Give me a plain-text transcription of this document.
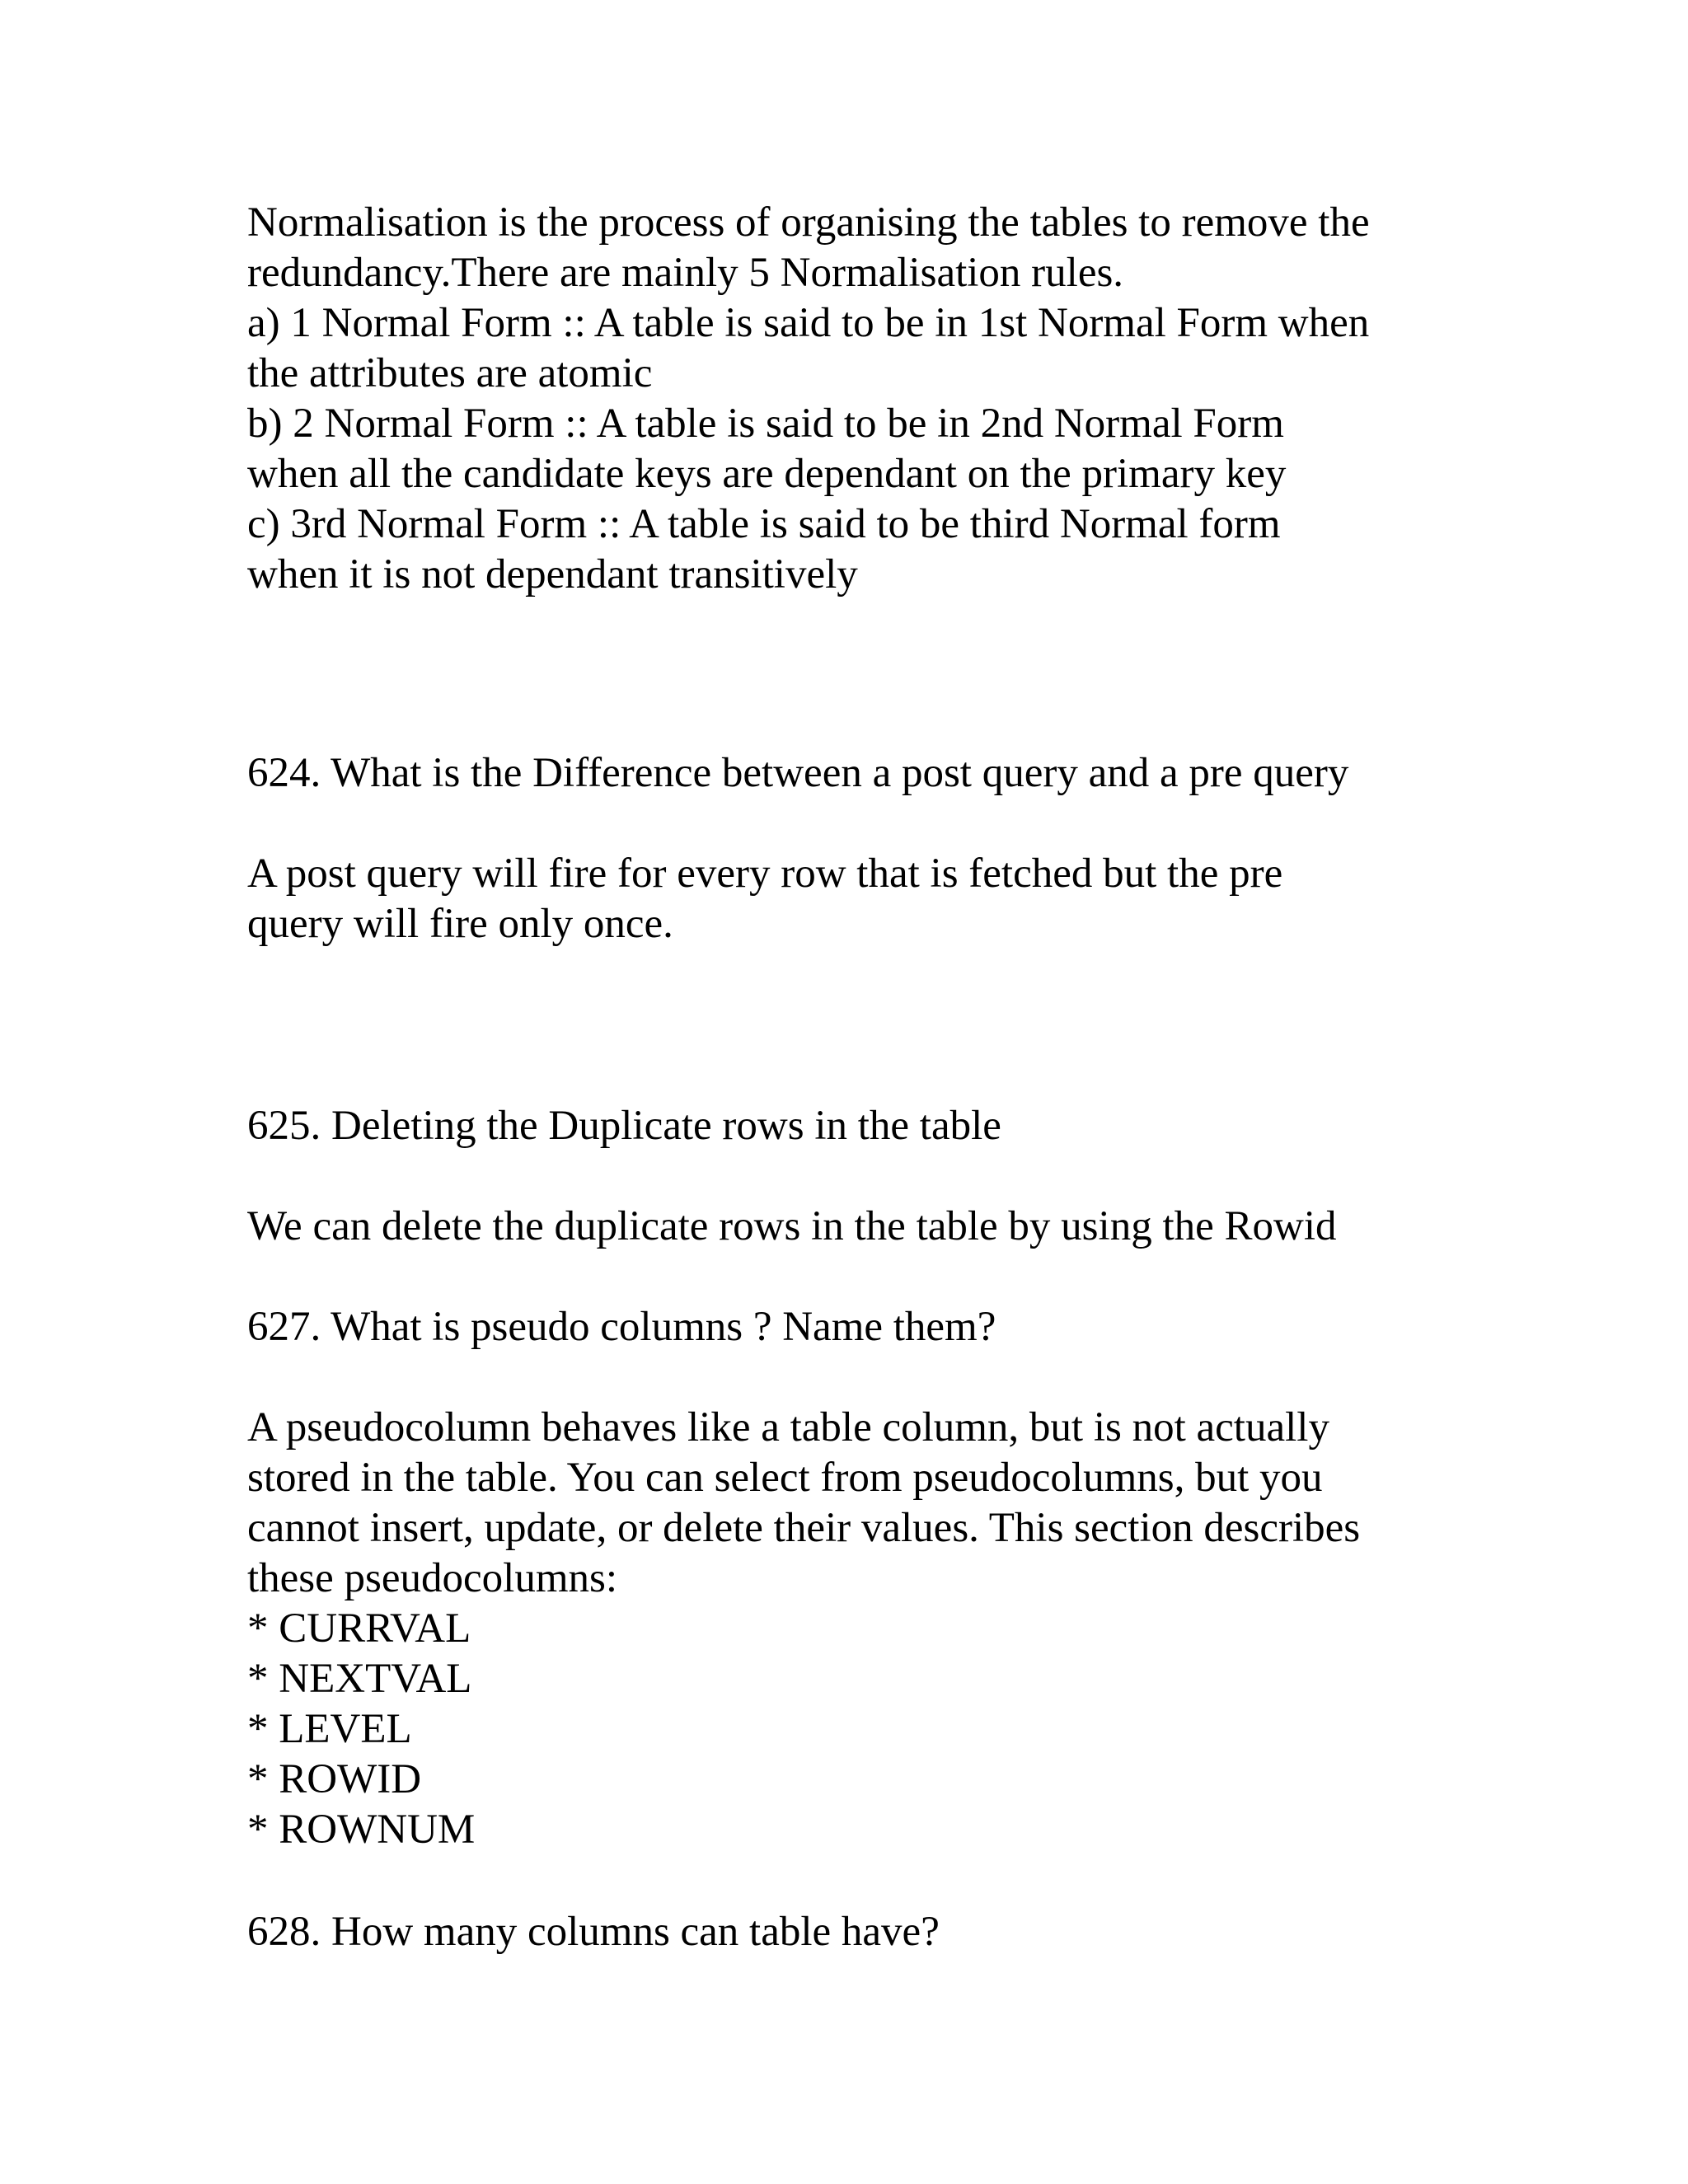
Normalisation is the process of organising the tables to remove the
redundancy.There are mainly 5 Normalisation rules.
a) 1 Normal Form :: A table is said to be in 1st Normal Form when
the attributes are atomic
b) 2 Normal Form :: A table is said to be in 2nd Normal Form
when all the candidate keys are dependant on the primary key
c) 3rd Normal Form :: A table is said to be third Normal form
when it is not dependant transitively
624. What is the Difference between a post query and a pre query
A post query will fire for every row that is fetched but the pre
query will fire only once.
625. Deleting the Duplicate rows in the table
We can delete the duplicate rows in the table by using the Rowid
627. What is pseudo columns ? Name them?
A pseudocolumn behaves like a table column, but is not actually
stored in the table. You can select from pseudocolumns, but you
cannot insert, update, or delete their values. This section describes
these pseudocolumns:
* CURRVAL
* NEXTVAL
* LEVEL
* ROWID
* ROWNUM
628. How many columns can table have?
